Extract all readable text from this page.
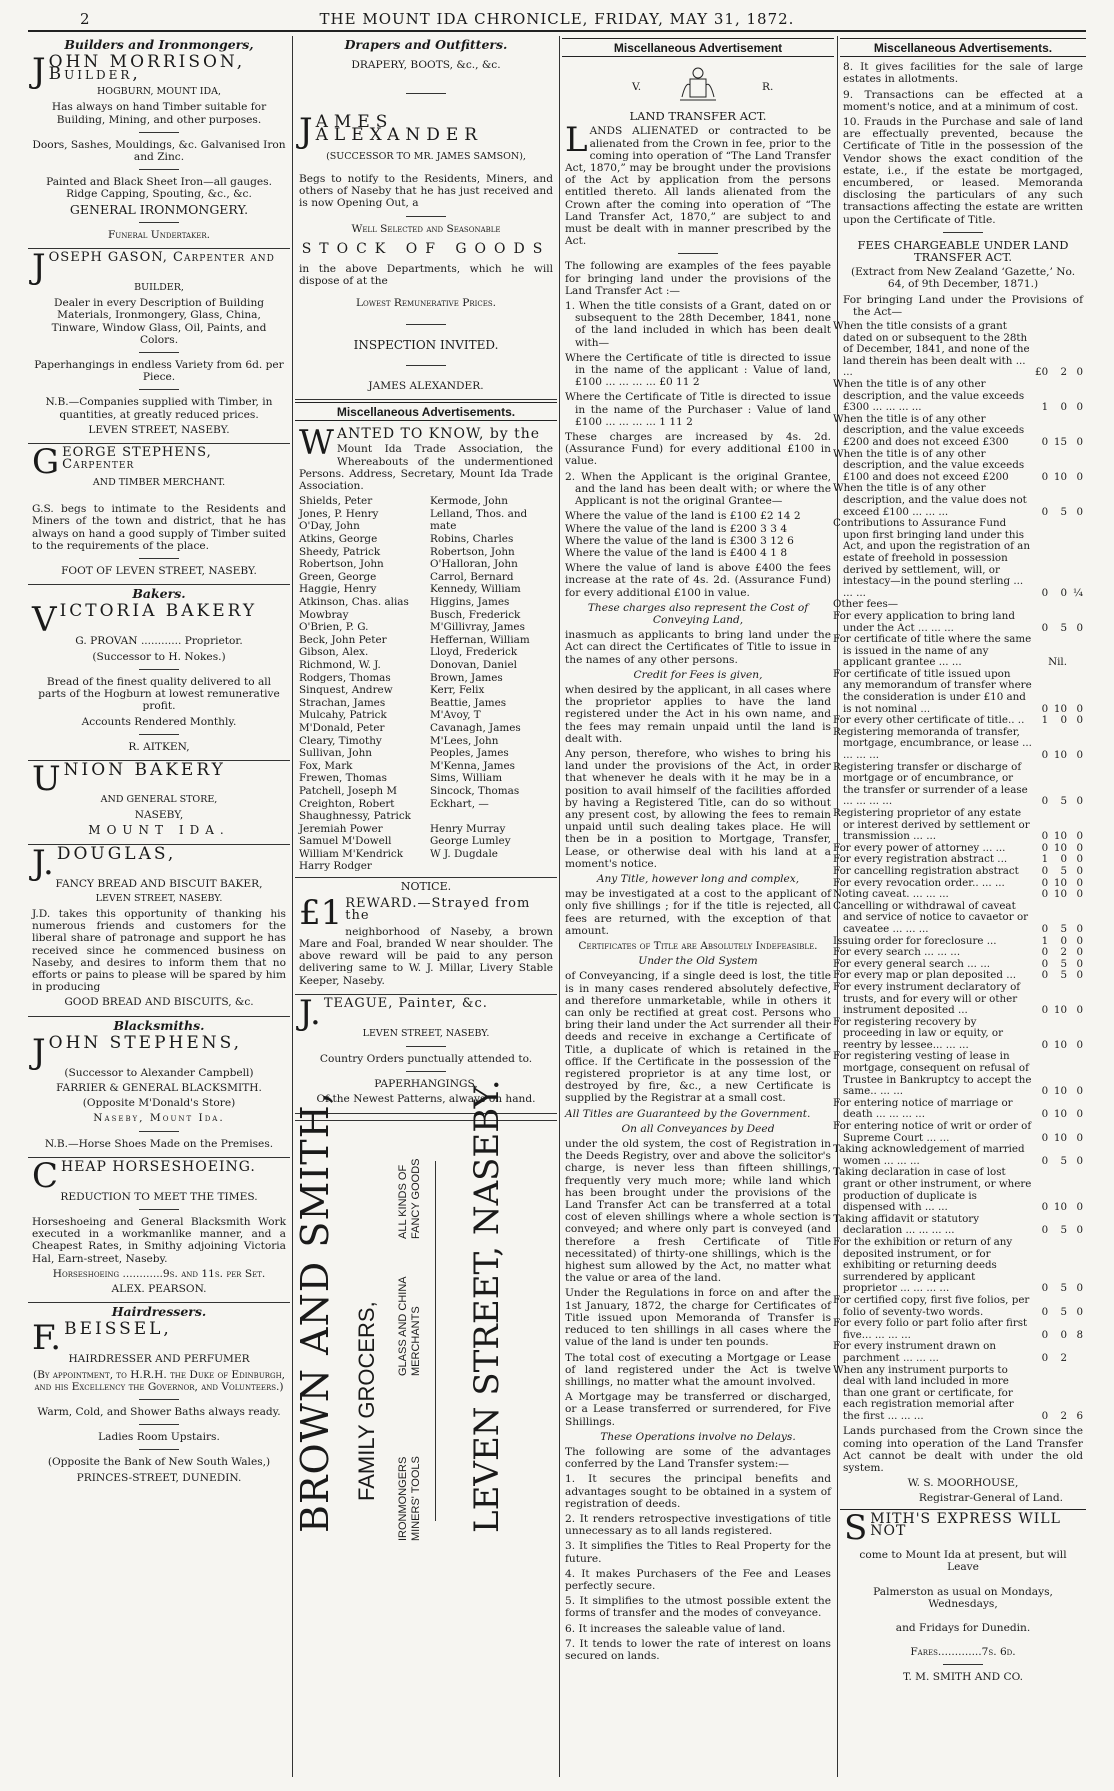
2	THE MOUNT IDA CHRONICLE, FRIDAY, MAY 31, 1872.
Builders and Ironmongers,
JOHN MORRISON, Builder,
HOGBURN, MOUNT IDA,

Has always on hand Timber suitable for Building, Mining, and other purposes.

Doors, Sashes, Mouldings, &c. Galvanised Iron and Zinc.

Painted and Black Sheet Iron—all gauges. Ridge Capping, Spouting, &c., &c.

GENERAL IRONMONGERY.

Funeral Undertaker.

JOSEPH GASON, Carpenter and
BUILDER,

Dealer in every Description of Building Materials, Ironmongery, Glass, China, Tinware, Window Glass, Oil, Paints, and Colors.

Paperhangings in endless Variety from 6d. per Piece.

N.B.—Companies supplied with Timber, in quantities, at greatly reduced prices.

LEVEN STREET, NASEBY.

GEORGE STEPHENS, Carpenter
AND TIMBER MERCHANT.

G.S. begs to intimate to the Residents and Miners of the town and district, that he has always on hand a good supply of Timber suited to the requirements of the place.

FOOT OF LEVEN STREET, NASEBY.

Bakers.
VICTORIA BAKERY

G. PROVAN ............ Proprietor.

(Successor to H. Nokes.)

Bread of the finest quality delivered to all parts of the Hogburn at lowest remunerative profit.

Accounts Rendered Monthly.

R. AITKEN,

UNION BAKERY

AND GENERAL STORE,

NASEBY,

MOUNT IDA.

J. DOUGLAS,

FANCY BREAD AND BISCUIT BAKER,

LEVEN STREET, NASEBY.

J.D. takes this opportunity of thanking his numerous friends and customers for the liberal share of patronage and support he has received since he commenced business on Naseby, and desires to inform them that no efforts or pains to please will be spared by him in producing

GOOD BREAD AND BISCUITS, &c.

Blacksmiths.
JOHN STEPHENS,

(Successor to Alexander Campbell)

FARRIER & GENERAL BLACKSMITH.

(Opposite M'Donald's Store)

Naseby, Mount Ida.

N.B.—Horse Shoes Made on the Premises.

CHEAP HORSESHOEING.

REDUCTION TO MEET THE TIMES.

Horseshoeing and General Blacksmith Work executed in a workmanlike manner, and a Cheapest Rates, in Smithy adjoining Victoria Hal, Earn-street, Naseby.

Horseshoeing ............9s. and 11s. per Set.

ALEX. PEARSON.

Hairdressers.
F. BEISSEL,

HAIRDRESSER AND PERFUMER

(By appointment, to H.R.H. the Duke of Edinburgh, and his Excellency the Governor, and Volunteers.)

Warm, Cold, and Shower Baths always ready.

Ladies Room Upstairs.

(Opposite the Bank of New South Wales,)

PRINCES-STREET, DUNEDIN.

Drapers and Outfitters.

DRAPERY, BOOTS, &c., &c.

JAMES ALEXANDER

(SUCCESSOR TO MR. JAMES SAMSON),

Begs to notify to the Residents, Miners, and others of Naseby that he has just received and is now Opening Out, a

Well Selected and Seasonable

STOCK OF GOODS

in the above Departments, which he will dispose of at the

Lowest Remunerative Prices.

INSPECTION INVITED.

JAMES ALEXANDER.

Miscellaneous Advertisements.
WANTED TO KNOW, by the

Mount Ida Trade Association, the Whereabouts of the undermentioned Persons. Address, Secretary, Mount Ida Trade Association.

Shields, Peter
Jones, P. Henry
O'Day, John
Atkins, George
Sheedy, Patrick
Robertson, John
Green, George
Haggie, Henry
Atkinson, Chas. alias Mowbray
O'Brien, P. G.
Beck, John Peter
Gibson, Alex.
Richmond, W. J.
Rodgers, Thomas
Sinquest, Andrew
Strachan, James
Mulcahy, Patrick
M'Donald, Peter
Cleary, Timothy
Sullivan, John
Fox, Mark
Frewen, Thomas
Patchell, Joseph M
Creighton, Robert
Shaughnessy, Patrick
Jeremiah Power
Samuel M'Dowell
William M'Kendrick
Harry Rodger
Kermode, John
Lelland, Thos. and mate
Robins, Charles
Robertson, John
O'Halloran, John
Carrol, Bernard
Kennedy, William
Higgins, James
Busch, Frederick
M'Gillivray, James
Heffernan, William
Lloyd, Frederick
Donovan, Daniel
Brown, James
Kerr, Felix
Beattie, James
M'Avoy, T
Cavanagh, James
M'Lees, John
Peoples, James
M'Kenna, James
Sims, William
Sincock, Thomas
Eckhart, —

Henry Murray
George Lumley
W J. Dugdale
NOTICE.
£1 REWARD.—Strayed from the

neighborhood of Naseby, a brown Mare and Foal, branded W near shoulder. The above reward will be paid to any person delivering same to W. J. Millar, Livery Stable Keeper, Naseby.

J. TEAGUE, Painter, &c.

LEVEN STREET, NASEBY.

Country Orders punctually attended to.

PAPERHANGINGS,

Of the Newest Patterns, always on hand.

BROWN AND SMITH, FAMILY GROCERS, IRONMONGERS MINERS' TOOLS
GLASS AND CHINA MERCHANTS
ALL KINDS OF FANCY GOODS LEVEN STREET, NASEBY.
Miscellaneous Advertisement
V.	R.

LAND TRANSFER ACT.

LANDS ALIENATED or contracted to be alienated from the Crown in fee, prior to the coming into operation of “The Land Transfer Act, 1870,” may be brought under the provisions of the Act by application from the persons entitled thereto. All lands alienated from the Crown after the coming into operation of “The Land Transfer Act, 1870,” are subject to and must be dealt with in manner prescribed by the Act.

The following are examples of the fees payable for bringing land under the provisions of the Land Transfer Act :—

1. When the title consists of a Grant, dated on or subsequent to the 28th December, 1841, none of the land included in which has been dealt with—

Where the Certificate of title is directed to issue in the name of the applicant : Value of land, £100 ... ... ... ... £0 11 2

Where the Certificate of Title is directed to issue in the name of the Purchaser : Value of land £100 ... ... ... ... 1 11 2

These charges are increased by 4s. 2d. (Assurance Fund) for every additional £100 in value.

2. When the Applicant is the original Grantee, and the land has been dealt with; or where the Applicant is not the original Grantee—

Where the value of the land is £100 £2 14 2
Where the value of the land is £200 3 3 4
Where the value of the land is £300 3 12 6
Where the value of the land is £400 4 1 8

Where the value of land is above £400 the fees increase at the rate of 4s. 2d. (Assurance Fund) for every additional £100 in value.

These charges also represent the Cost of Conveying Land,

inasmuch as applicants to bring land under the Act can direct the Certificates of Title to issue in the names of any other persons.

Credit for Fees is given,

when desired by the applicant, in all cases where the proprietor applies to have the land registered under the Act in his own name, and the fees may remain unpaid until the land is dealt with.

Any person, therefore, who wishes to bring his land under the provisions of the Act, in order that whenever he deals with it he may be in a position to avail himself of the facilities afforded by having a Registered Title, can do so without any present cost, by allowing the fees to remain unpaid until such dealing takes place. He will then be in a position to Mortgage, Transfer, Lease, or otherwise deal with his land at a moment's notice.

Any Title, however long and complex,

may be investigated at a cost to the applicant of only five shillings ; for if the title is rejected, all fees are returned, with the exception of that amount.

Certificates of Title are Absolutely Indefeasible.

Under the Old System

of Conveyancing, if a single deed is lost, the title is in many cases rendered absolutely defective, and therefore unmarketable, while in others it can only be rectified at great cost. Persons who bring their land under the Act surrender all their deeds and receive in exchange a Certificate of Title, a duplicate of which is retained in the office. If the Certificate in the possession of the registered proprietor is at any time lost, or destroyed by fire, &c., a new Certificate is supplied by the Registrar at a small cost.

All Titles are Guaranteed by the Government.

On all Conveyances by Deed

under the old system, the cost of Registration in the Deeds Registry, over and above the solicitor's charge, is never less than fifteen shillings, frequently very much more; while land which has been brought under the provisions of the Land Transfer Act can be transferred at a total cost of eleven shillings where a whole section is conveyed; and where only part is conveyed (and therefore a fresh Certificate of Title necessitated) of thirty-one shillings, which is the highest sum allowed by the Act, no matter what the value or area of the land.

Under the Regulations in force on and after the 1st January, 1872, the charge for Certificates of Title issued upon Memoranda of Transfer is reduced to ten shillings in all cases where the value of the land is under ten pounds.

The total cost of executing a Mortgage or Lease of land registered under the Act is twelve shillings, no matter what the amount involved.

A Mortgage may be transferred or discharged, or a Lease transferred or surrendered, for Five Shillings.

These Operations involve no Delays.

The following are some of the advantages conferred by the Land Transfer system:—

1. It secures the principal benefits and advantages sought to be obtained in a system of registration of deeds.

2. It renders retrospective investigations of title unnecessary as to all lands registered.

3. It simplifies the Titles to Real Property for the future.

4. It makes Purchasers of the Fee and Leases perfectly secure.

5. It simplifies to the utmost possible extent the forms of transfer and the modes of conveyance.

6. It increases the saleable value of land.

7. It tends to lower the rate of interest on loans secured on lands.

Miscellaneous Advertisements.

8. It gives facilities for the sale of large estates in allotments.

9. Transactions can be effected at a moment's notice, and at a minimum of cost.

10. Frauds in the Purchase and sale of land are effectually prevented, because the Certificate of Title in the possession of the Vendor shows the exact condition of the estate, i.e., if the estate be mortgaged, encumbered, or leased. Memoranda disclosing the particulars of any such transactions affecting the estate are written upon the Certificate of Title.

FEES CHARGEABLE UNDER LAND TRANSFER ACT.

(Extract from New Zealand ‘Gazette,’ No. 64, of 9th December, 1871.)

For bringing Land under the Provisions of the Act—

When the title consists of a grant dated on or subsequent to the 28th of December, 1841, and none of the land therein has been dealt with ... ...	£0	2	0
When the title is of any other description, and the value exceeds £300 ... ... ... ...	1	0	0
When the title is of any other description, and the value exceeds £200 and does not exceed £300	0	15	0
When the title is of any other description, and the value exceeds £100 and does not exceed £200	0	10	0
When the title is of any other description, and the value does not exceed £100 ... ... ...	0	5	0
Contributions to Assurance Fund upon first bringing land under this Act, and upon the registration of an estate of freehold in possession derived by settlement, will, or intestacy—in the pound sterling ... ... ...	0	0	¼
Other fees—			
For every application to bring land under the Act ... ... ...	0	5	0
For certificate of title where the same is issued in the name of any applicant grantee ... ...		Nil.	
For certificate of title issued upon any memorandum of transfer where the consideration is under £10 and is not nominal ...	0	10	0
For every other certificate of title.. ..	1	0	0
Registering memoranda of transfer, mortgage, encumbrance, or lease ... ... ... ...	0	10	0
Registering transfer or discharge of mortgage or of encumbrance, or the transfer or surrender of a lease ... ... ... ...	0	5	0
Registering proprietor of any estate or interest derived by settlement or transmission ... ...	0	10	0
For every power of attorney ... ...	0	10	0
For every registration abstract ...	1	0	0
For cancelling registration abstract	0	5	0
For every revocation order.. ... ...	0	10	0
Noting caveat. ... ... ...	0	10	0
Cancelling or withdrawal of caveat and service of notice to cavaetor or caveatee ... ... ...	0	5	0
Issuing order for foreclosure ...	1	0	0
For every search ... ... ...	0	2	0
For every general search ... ...	0	5	0
For every map or plan deposited ...	0	5	0
For every instrument declaratory of trusts, and for every will or other instrument deposited ...	0	10	0
For registering recovery by proceeding in law or equity, or reentry by lessee... ... ...	0	10	0
For registering vesting of lease in mortgage, consequent on refusal of Trustee in Bankruptcy to accept the same.. ... ...	0	10	0
For entering notice of marriage or death ... ... ... ...	0	10	0
For entering notice of writ or order of Supreme Court ... ...	0	10	0
Taking acknowledgement of married women ... ... ...	0	5	0
Taking declaration in case of lost grant or other instrument, or where production of duplicate is dispensed with ... ...	0	10	0
Taking affidavit or statutory declaration ... ... ... ...	0	5	0
For the exhibition or return of any deposited instrument, or for exhibiting or returning deeds surrendered by applicant proprietor ... ... ... ...	0	5	0
For certified copy, first five folios, per folio of seventy-two words.	0	5	0
For every folio or part folio after first five... ... ... ...	0	0	8
For every instrument drawn on parchment ... ... ...	0	2	
When any instrument purports to deal with land included in more than one grant or certificate, for each registration memorial after the first ... ... ...	0	2	6

Lands purchased from the Crown since the coming into operation of the Land Transfer Act cannot be dealt with under the old system.

W. S. MOORHOUSE,

Registrar-General of Land.

SMITH'S EXPRESS WILL NOT

come to Mount Ida at present, but will Leave

Palmerston as usual on Mondays, Wednesdays,

and Fridays for Dunedin.

Fares.............7s. 6d.

T. M. SMITH AND CO.
